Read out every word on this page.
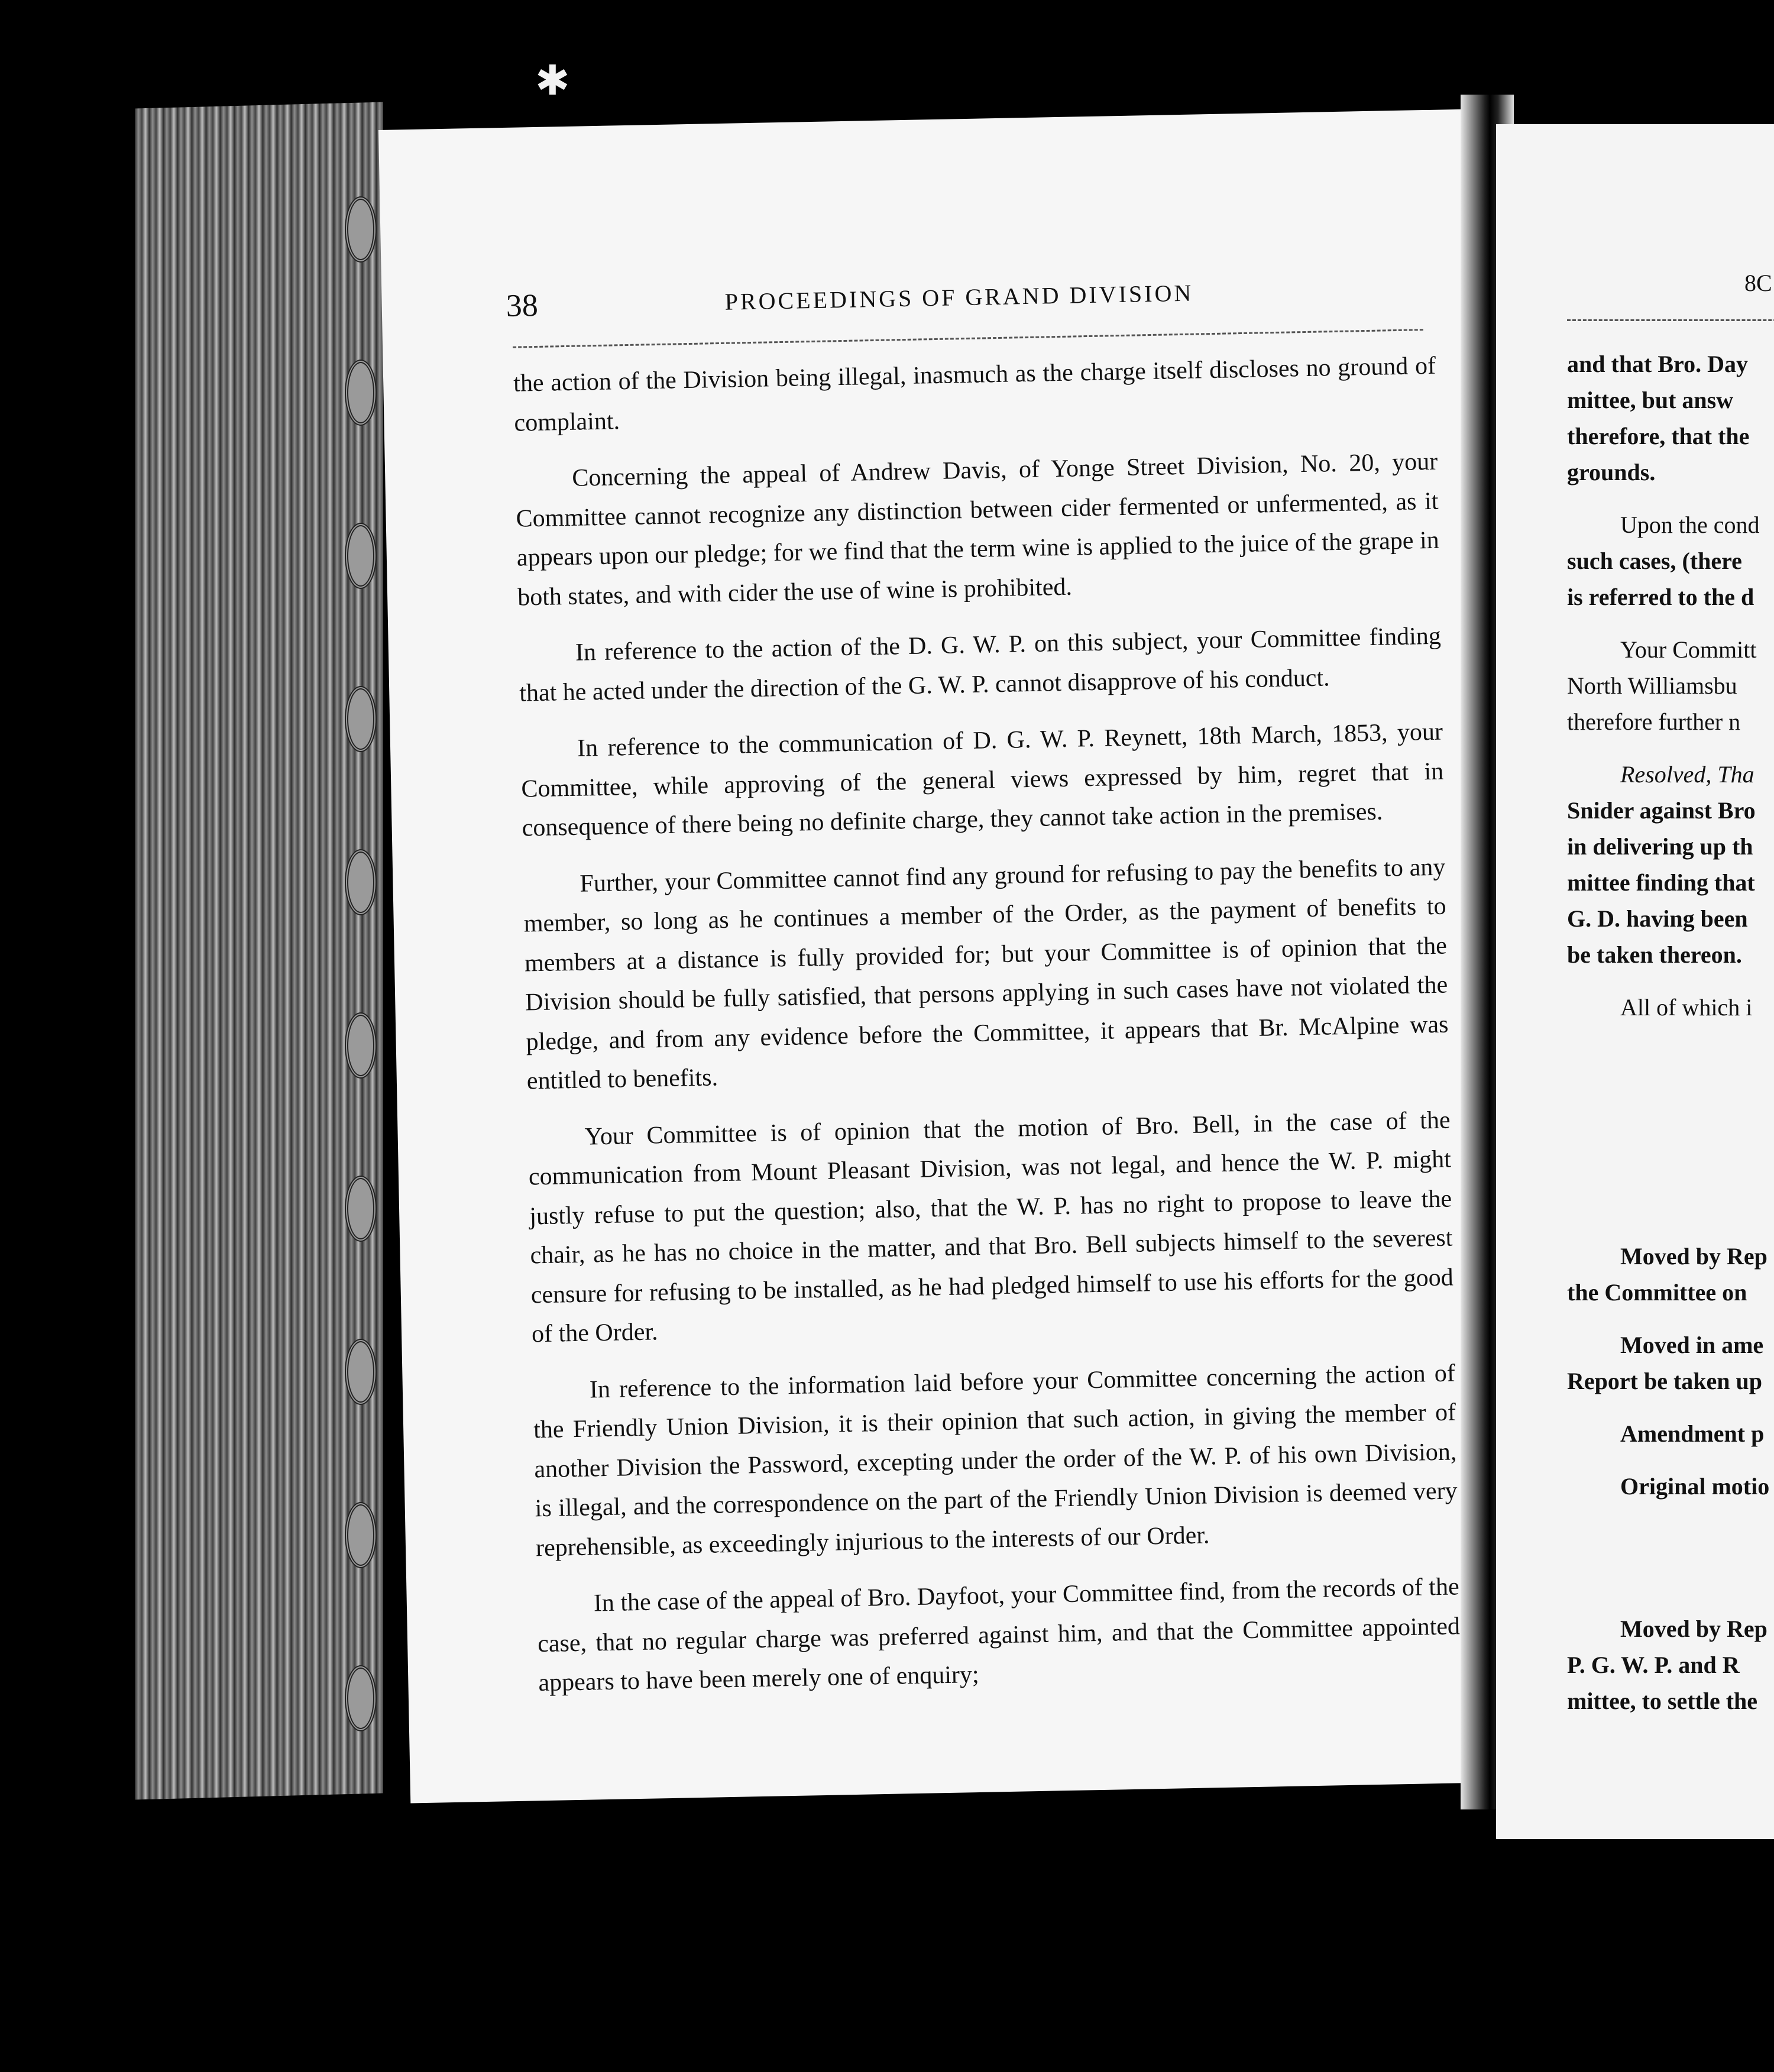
38	PROCEEDINGS OF GRAND DIVISION

the action of the Division being illegal, inasmuch as the charge itself discloses no ground of complaint.

Concerning the appeal of Andrew Davis, of Yonge Street Division, No. 20, your Committee cannot recognize any distinction between cider fermented or unfermented, as it appears upon our pledge; for we find that the term wine is applied to the juice of the grape in both states, and with cider the use of wine is prohibited.

In reference to the action of the D. G. W. P. on this subject, your Committee finding that he acted under the direction of the G. W. P. cannot disapprove of his conduct.

In reference to the communication of D. G. W. P. Reynett, 18th March, 1853, your Committee, while approving of the general views expressed by him, regret that in consequence of there being no definite charge, they cannot take action in the premises.

Further, your Committee cannot find any ground for refusing to pay the benefits to any member, so long as he continues a member of the Order, as the payment of benefits to members at a distance is fully provided for; but your Committee is of opinion that the Division should be fully satisfied, that persons applying in such cases have not violated the pledge, and from any evidence before the Committee, it appears that Br. McAlpine was entitled to benefits.

Your Committee is of opinion that the motion of Bro. Bell, in the case of the communication from Mount Pleasant Division, was not legal, and hence the W. P. might justly refuse to put the question; also, that the W. P. has no right to propose to leave the chair, as he has no choice in the matter, and that Bro. Bell subjects himself to the severest censure for refusing to be installed, as he had pledged himself to use his efforts for the good of the Order.

In reference to the information laid before your Committee concerning the action of the Friendly Union Division, it is their opinion that such action, in giving the member of another Division the Password, excepting under the order of the W. P. of his own Division, is illegal, and the correspondence on the part of the Friendly Union Division is deemed very reprehensible, as exceedingly injurious to the interests of our Order.

In the case of the appeal of Bro. Dayfoot, your Committee find, from the records of the case, that no regular charge was preferred against him, and that the Committee appointed appears to have been merely one of enquiry;

8C
and that Bro. Day
mittee, but answ
therefore, that the
grounds.
Upon the cond
such cases, (there
is referred to the d
Your Committ
North Williamsbu
therefore further n
Resolved, Tha
Snider against Bro
in delivering up th
mittee finding that
G. D. having been
be taken thereon.
All of which i
Moved by Rep
the Committee on
Moved in ame
Report be taken up
Amendment p
Original motio
Moved by Rep
P. G. W. P. and R
mittee, to settle the
✱
